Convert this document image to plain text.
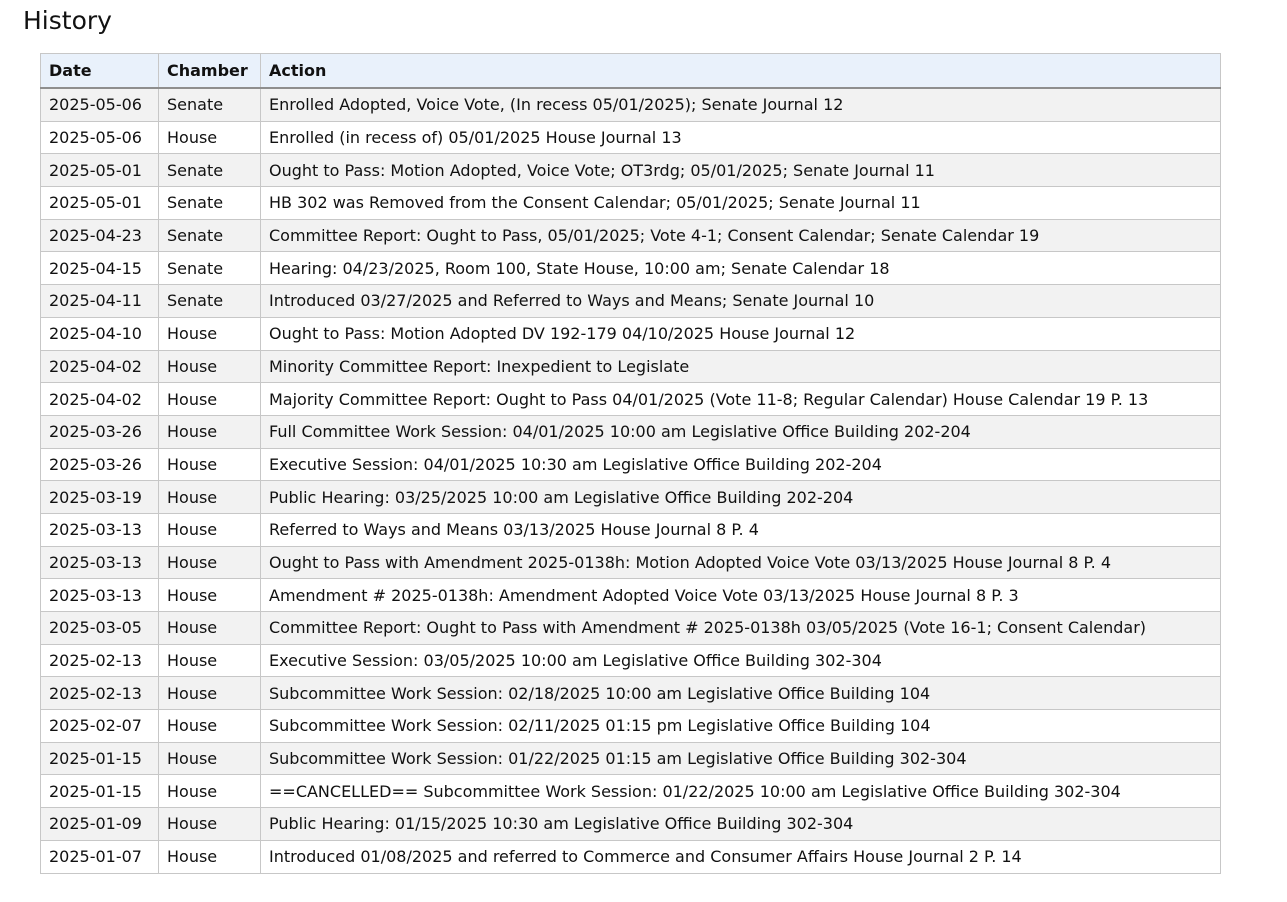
History
Date	Chamber	Action
2025-05-06	Senate	Enrolled Adopted, Voice Vote, (In recess 05/01/2025); Senate Journal 12
2025-05-06	House	Enrolled (in recess of) 05/01/2025 House Journal 13
2025-05-01	Senate	Ought to Pass: Motion Adopted, Voice Vote; OT3rdg; 05/01/2025; Senate Journal 11
2025-05-01	Senate	HB 302 was Removed from the Consent Calendar; 05/01/2025; Senate Journal 11
2025-04-23	Senate	Committee Report: Ought to Pass, 05/01/2025; Vote 4-1; Consent Calendar; Senate Calendar 19
2025-04-15	Senate	Hearing: 04/23/2025, Room 100, State House, 10:00 am; Senate Calendar 18
2025-04-11	Senate	Introduced 03/27/2025 and Referred to Ways and Means; Senate Journal 10
2025-04-10	House	Ought to Pass: Motion Adopted DV 192-179 04/10/2025 House Journal 12
2025-04-02	House	Minority Committee Report: Inexpedient to Legislate
2025-04-02	House	Majority Committee Report: Ought to Pass 04/01/2025 (Vote 11-8; Regular Calendar) House Calendar 19 P. 13
2025-03-26	House	Full Committee Work Session: 04/01/2025 10:00 am Legislative Office Building 202-204
2025-03-26	House	Executive Session: 04/01/2025 10:30 am Legislative Office Building 202-204
2025-03-19	House	Public Hearing: 03/25/2025 10:00 am Legislative Office Building 202-204
2025-03-13	House	Referred to Ways and Means 03/13/2025 House Journal 8 P. 4
2025-03-13	House	Ought to Pass with Amendment 2025-0138h: Motion Adopted Voice Vote 03/13/2025 House Journal 8 P. 4
2025-03-13	House	Amendment # 2025-0138h: Amendment Adopted Voice Vote 03/13/2025 House Journal 8 P. 3
2025-03-05	House	Committee Report: Ought to Pass with Amendment # 2025-0138h 03/05/2025 (Vote 16-1; Consent Calendar)
2025-02-13	House	Executive Session: 03/05/2025 10:00 am Legislative Office Building 302-304
2025-02-13	House	Subcommittee Work Session: 02/18/2025 10:00 am Legislative Office Building 104
2025-02-07	House	Subcommittee Work Session: 02/11/2025 01:15 pm Legislative Office Building 104
2025-01-15	House	Subcommittee Work Session: 01/22/2025 01:15 am Legislative Office Building 302-304
2025-01-15	House	==CANCELLED== Subcommittee Work Session: 01/22/2025 10:00 am Legislative Office Building 302-304
2025-01-09	House	Public Hearing: 01/15/2025 10:30 am Legislative Office Building 302-304
2025-01-07	House	Introduced 01/08/2025 and referred to Commerce and Consumer Affairs House Journal 2 P. 14
